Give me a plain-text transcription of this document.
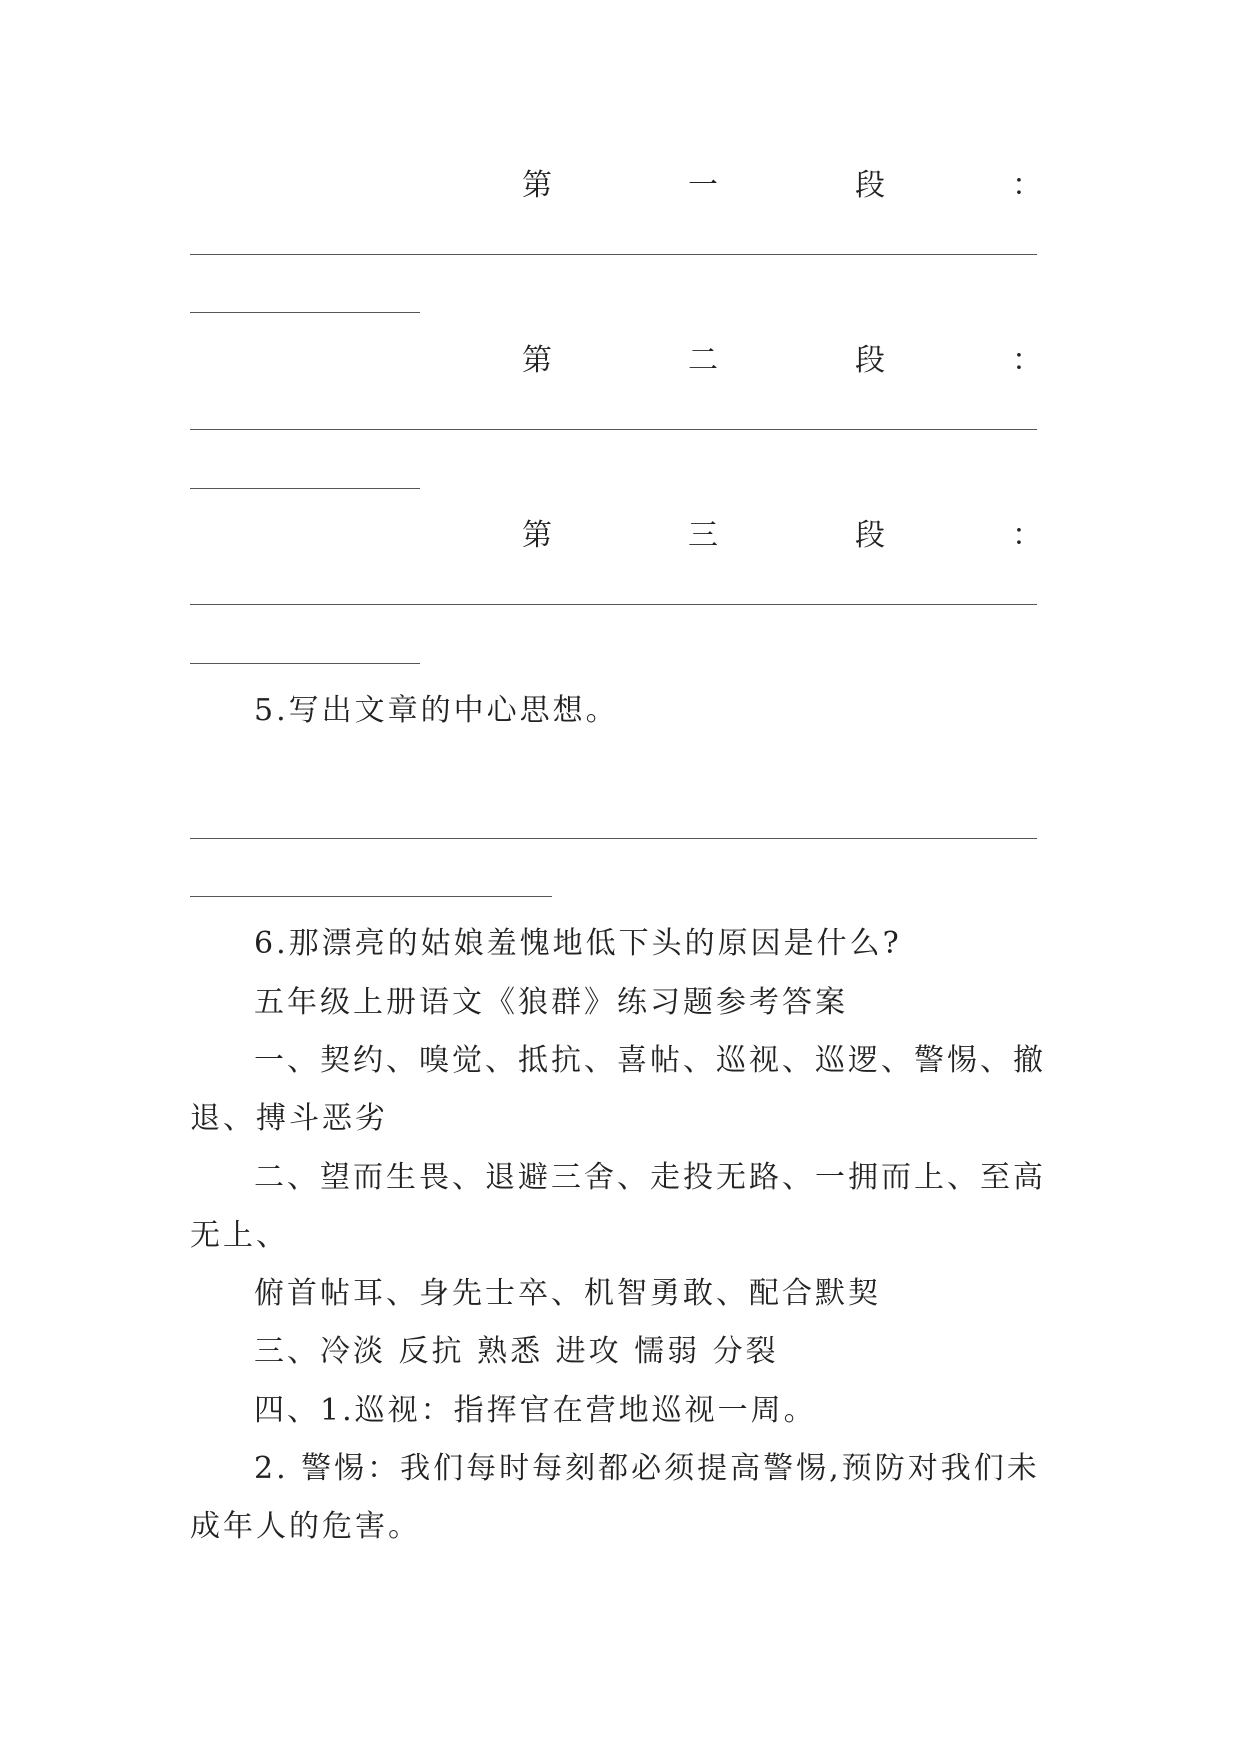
第	一	段	：
第	二	段	：
第	三	段	：
5.写出文章的中心思想。
6.那漂亮的姑娘羞愧地低下头的原因是什么?
五年级上册语文《狼群》练习题参考答案
一、契约、嗅觉、抵抗、喜帖、巡视、巡逻、警惕、撤
退、搏斗恶劣
二、望而生畏、退避三舍、走投无路、一拥而上、至高
无上、
俯首帖耳、身先士卒、机智勇敢、配合默契
三、冷淡 反抗 熟悉 进攻 懦弱 分裂
四、1.巡视：指挥官在营地巡视一周。
2. 警惕：我们每时每刻都必须提高警惕,预防对我们未
成年人的危害。
